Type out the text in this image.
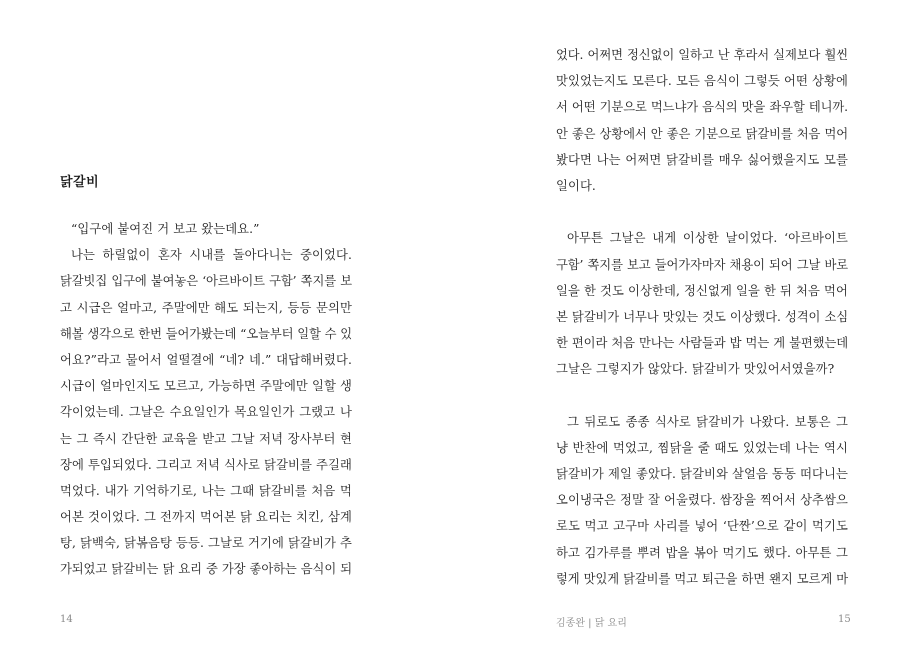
닭갈비
“입구에 붙여진 거 보고 왔는데요.”
나는 하릴없이 혼자 시내를 돌아다니는 중이었다.
닭갈빗집 입구에 붙여놓은 ‘아르바이트 구함’ 쪽지를 보
고 시급은 얼마고, 주말에만 해도 되는지, 등등 문의만
해볼 생각으로 한번 들어가봤는데 “오늘부터 일할 수 있
어요?”라고 물어서 얼떨결에 “네? 네.” 대답해버렸다.
시급이 얼마인지도 모르고, 가능하면 주말에만 일할 생
각이었는데. 그날은 수요일인가 목요일인가 그랬고 나
는 그 즉시 간단한 교육을 받고 그날 저녁 장사부터 현
장에 투입되었다. 그리고 저녁 식사로 닭갈비를 주길래
먹었다. 내가 기억하기로, 나는 그때 닭갈비를 처음 먹
어본 것이었다. 그 전까지 먹어본 닭 요리는 치킨, 삼계
탕, 닭백숙, 닭볶음탕 등등. 그날로 거기에 닭갈비가 추
가되었고 닭갈비는 닭 요리 중 가장 좋아하는 음식이 되
14
었다. 어쩌면 정신없이 일하고 난 후라서 실제보다 훨씬
맛있었는지도 모른다. 모든 음식이 그렇듯 어떤 상황에
서 어떤 기분으로 먹느냐가 음식의 맛을 좌우할 테니까.
안 좋은 상황에서 안 좋은 기분으로 닭갈비를 처음 먹어
봤다면 나는 어쩌면 닭갈비를 매우 싫어했을지도 모를
일이다.
아무튼 그날은 내게 이상한 날이었다. ‘아르바이트
구함’ 쪽지를 보고 들어가자마자 채용이 되어 그날 바로
일을 한 것도 이상한데, 정신없게 일을 한 뒤 처음 먹어
본 닭갈비가 너무나 맛있는 것도 이상했다. 성격이 소심
한 편이라 처음 만나는 사람들과 밥 먹는 게 불편했는데
그날은 그렇지가 않았다. 닭갈비가 맛있어서였을까?
그 뒤로도 종종 식사로 닭갈비가 나왔다. 보통은 그
냥 반찬에 먹었고, 찜닭을 줄 때도 있었는데 나는 역시
닭갈비가 제일 좋았다. 닭갈비와 살얼음 동동 떠다니는
오이냉국은 정말 잘 어울렸다. 쌈장을 찍어서 상추쌈으
로도 먹고 고구마 사리를 넣어 ‘단짠’으로 같이 먹기도
하고 김가루를 뿌려 밥을 볶아 먹기도 했다. 아무튼 그
렇게 맛있게 닭갈비를 먹고 퇴근을 하면 왠지 모르게 마
김종완 | 닭 요리	15
